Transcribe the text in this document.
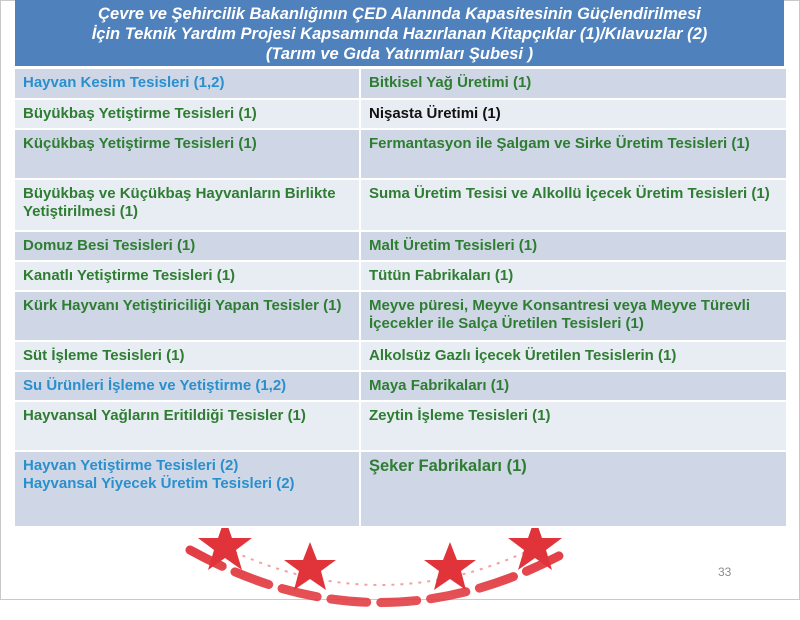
Çevre ve Şehircilik Bakanlığının ÇED Alanında Kapasitesinin Güçlendirilmesi
İçin Teknik Yardım Projesi Kapsamında Hazırlanan Kitapçıklar (1)/Kılavuzlar (2)
(Tarım ve Gıda Yatırımları Şubesi )
Hayvan Kesim Tesisleri (1,2)	Bitkisel Yağ Üretimi (1)
Büyükbaş Yetiştirme Tesisleri (1)	Nişasta Üretimi (1)
Küçükbaş Yetiştirme Tesisleri (1)	Fermantasyon ile Şalgam ve Sirke Üretim Tesisleri (1)
Büyükbaş ve Küçükbaş Hayvanların Birlikte Yetiştirilmesi (1)	Suma Üretim Tesisi ve Alkollü İçecek Üretim Tesisleri (1)
Domuz Besi Tesisleri (1)	Malt Üretim Tesisleri (1)
Kanatlı Yetiştirme Tesisleri (1)	Tütün Fabrikaları (1)
Kürk Hayvanı Yetiştiriciliği Yapan Tesisler (1)	Meyve püresi, Meyve Konsantresi veya Meyve Türevli İçecekler ile Salça Üretilen Tesisleri (1)
Süt İşleme Tesisleri (1)	Alkolsüz Gazlı İçecek Üretilen Tesislerin (1)
Su Ürünleri İşleme ve Yetiştirme (1,2)	Maya Fabrikaları (1)
Hayvansal Yağların Eritildiği Tesisler (1)	Zeytin İşleme Tesisleri (1)

Hayvan Yetiştirme Tesisleri (2)
Hayvansal Yiyecek Üretim Tesisleri (2)	Şeker Fabrikaları (1)
33
